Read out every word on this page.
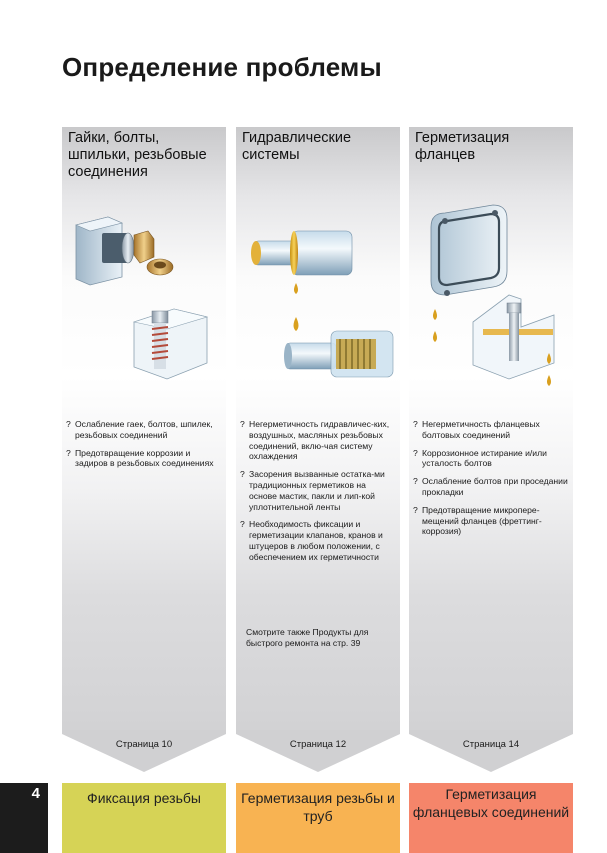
Определение проблемы
Гайки, болты, шпильки, резьбовые соединения
? Ослабление гаек, болтов, шпилек, резьбовых соединений
? Предотвращение коррозии и задиров в резьбовых соединениях
Гидравлические системы
? Негерметичность гидравличес-ких, воздушных, масляных резьбовых соединений, вклю-чая систему охлаждения
? Засорения вызванные остатка-ми традиционных герметиков на основе мастик, пакли и лип-кой уплотнительной ленты
? Необходимость фиксации и герметизации клапанов, кранов и штуцеров в любом положении, с обеспечением их герметичности
Смотрите также Продукты для быстрого ремонта на стр. 39
Герметизация фланцев
? Негерметичность фланцевых болтовых соединений
? Коррозионное истирание и/или усталость болтов
? Ослабление болтов при проседании прокладки
? Предотвращение микропере-мещений фланцев (фреттинг-коррозия)
Страница 10	Страница 12	Страница 14
4	Фиксация резьбы	Герметизация резьбы и труб
Герметизация фланцевых соединений
